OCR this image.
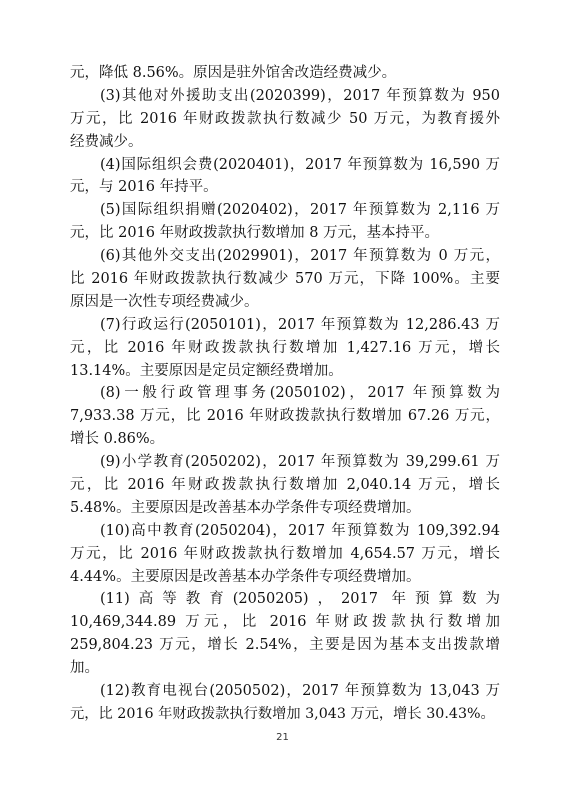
元，降低 8.56%。原因是驻外馆舍改造经费减少。
(3)其他对外援助支出(2020399)，2017 年预算数为 950
万元，比 2016 年财政拨款执行数减少 50 万元，为教育援外
经费减少。
(4)国际组织会费(2020401)，2017 年预算数为 16,590 万
元，与 2016 年持平。
(5)国际组织捐赠(2020402)，2017 年预算数为 2,116 万
元，比 2016 年财政拨款执行数增加 8 万元，基本持平。
(6)其他外交支出(2029901)，2017 年预算数为 0 万元，
比 2016 年财政拨款执行数减少 570 万元，下降 100%。主要
原因是一次性专项经费减少。
(7)行政运行(2050101)，2017 年预算数为 12,286.43 万
元，比 2016 年财政拨款执行数增加 1,427.16 万元，增长
13.14%。主要原因是定员定额经费增加。
(8)一般行政管理事务(2050102)，2017 年预算数为
7,933.38 万元，比 2016 年财政拨款执行数增加 67.26 万元，
增长 0.86%。
(9)小学教育(2050202)，2017 年预算数为 39,299.61 万
元，比 2016 年财政拨款执行数增加 2,040.14 万元，增长
5.48%。主要原因是改善基本办学条件专项经费增加。
(10)高中教育(2050204)，2017 年预算数为 109,392.94
万元，比 2016 年财政拨款执行数增加 4,654.57 万元，增长
4.44%。主要原因是改善基本办学条件专项经费增加。
(11)高等教育(2050205)，2017 年预算数为
10,469,344.89 万元，比 2016 年财政拨款执行数增加
259,804.23 万元，增长 2.54%，主要是因为基本支出拨款增
加。
(12)教育电视台(2050502)，2017 年预算数为 13,043 万
元，比 2016 年财政拨款执行数增加 3,043 万元，增长 30.43%。
21
